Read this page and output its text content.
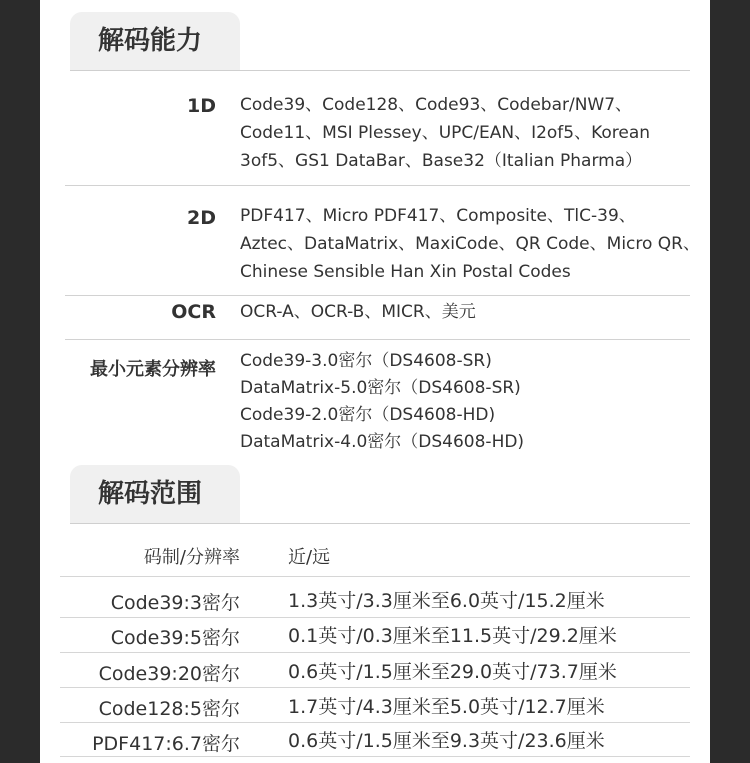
解码能力
1D Code39、Code128、Code93、Codebar/NW7、
Code11、MSI Plessey、UPC/EAN、I2of5、Korean
3of5、GS1 DataBar、Base32（Italian Pharma）
2D PDF417、Micro PDF417、Composite、TlC-39、
Aztec、DataMatrix、MaxiCode、QR Code、Micro QR、
Chinese Sensible Han Xin Postal Codes
OCR OCR-A、OCR-B、MICR、美元
最小元素分辨率 Code39-3.0密尔（DS4608-SR)
DataMatrix-5.0密尔（DS4608-SR)
Code39-2.0密尔（DS4608-HD)
DataMatrix-4.0密尔（DS4608-HD)
解码范围
码制/分辨率	近/远
Code39:3密尔	1.3英寸/3.3厘米至6.0英寸/15.2厘米
Code39:5密尔	0.1英寸/0.3厘米至11.5英寸/29.2厘米
Code39:20密尔	0.6英寸/1.5厘米至29.0英寸/73.7厘米
Code128:5密尔	1.7英寸/4.3厘米至5.0英寸/12.7厘米
PDF417:6.7密尔	0.6英寸/1.5厘米至9.3英寸/23.6厘米
